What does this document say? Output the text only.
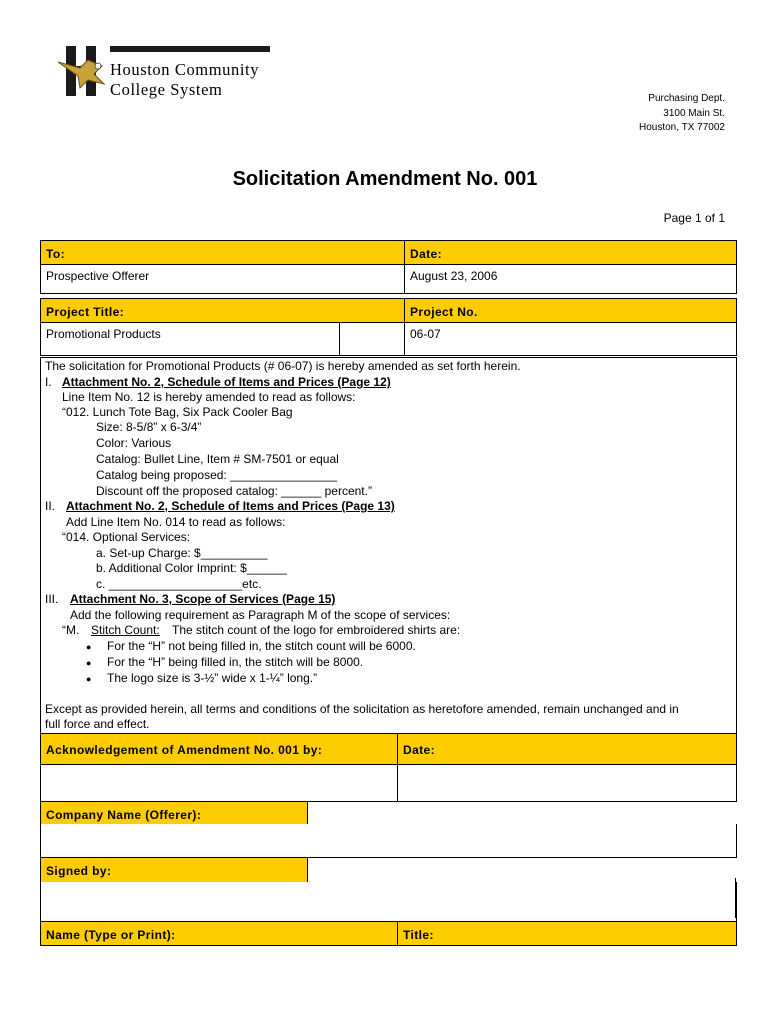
Houston Community
College System	Purchasing Dept.
3100 Main St.
Houston, TX 77002
Solicitation Amendment No. 001
Page 1 of 1
To:	Date:
Prospective Offerer	August 23, 2006
Project Title:	Project No.
Promotional Products	06-07
The solicitation for Promotional Products (# 06-07) is hereby amended as set forth herein.
I. Attachment No. 2, Schedule of Items and Prices (Page 12)
Line Item No. 12 is hereby amended to read as follows:
“012. Lunch Tote Bag, Six Pack Cooler Bag
Size: 8-5/8” x 6-3/4”
Color: Various
Catalog: Bullet Line, Item # SM-7501 or equal
Catalog being proposed: ________________
Discount off the proposed catalog: ______ percent.”
II. Attachment No. 2, Schedule of Items and Prices (Page 13)
Add Line Item No. 014 to read as follows:
“014. Optional Services:
a. Set-up Charge: $__________
b. Additional Color Imprint: $______
c. ____________________etc.
III. Attachment No. 3, Scope of Services (Page 15)
Add the following requirement as Paragraph M of the scope of services:
“M. Stitch Count: The stitch count of the logo for embroidered shirts are:
● For the “H” not being filled in, the stitch count will be 6000.
● For the “H” being filled in, the stitch will be 8000.
● The logo size is 3-½” wide x 1-¼” long.”
Except as provided herein, all terms and conditions of the solicitation as heretofore amended, remain unchanged and in
full force and effect.
Acknowledgement of Amendment No. 001 by:	Date:
Company Name (Offerer):
Signed by:
Name (Type or Print):	Title:
